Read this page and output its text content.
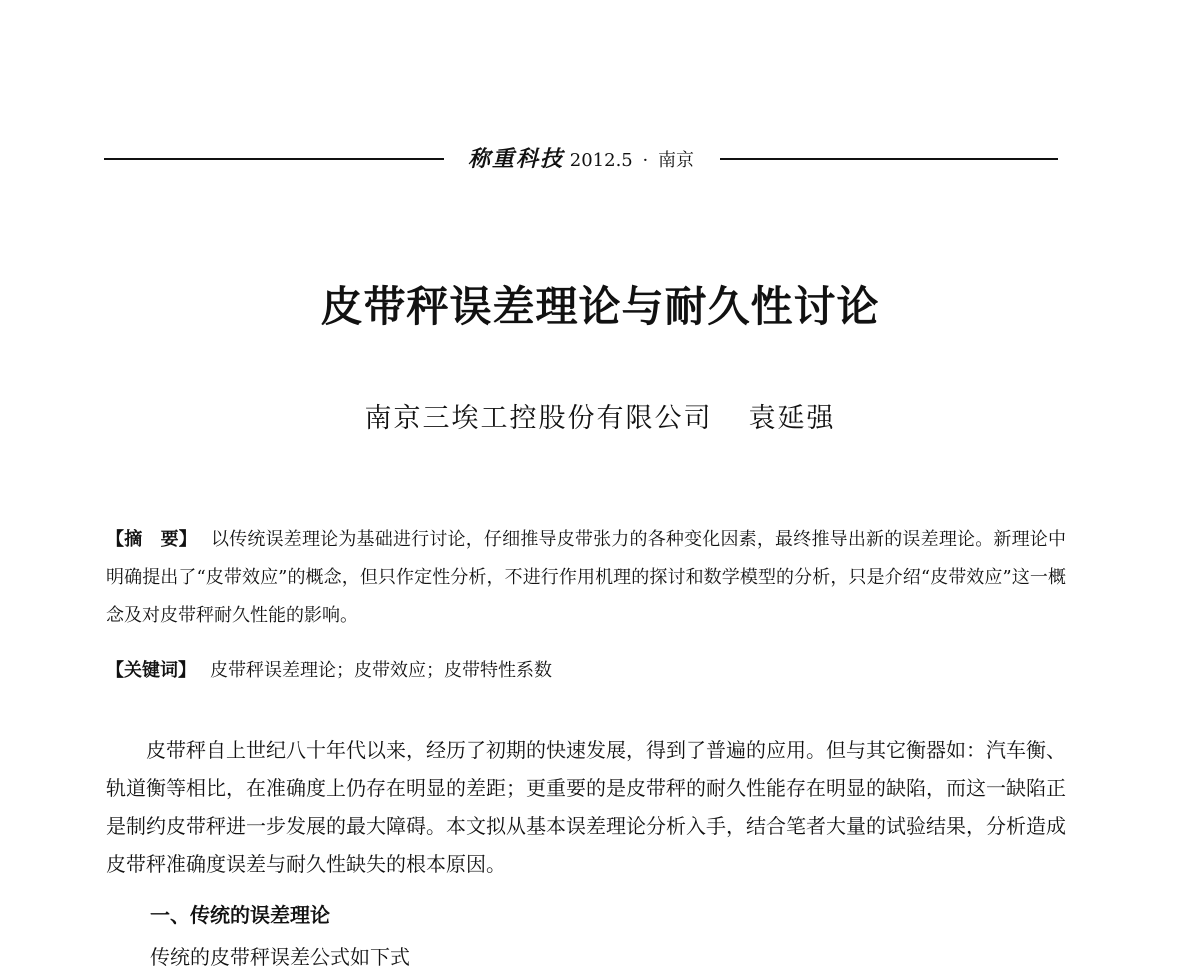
称重科技 2012.5 · 南京
皮带秤误差理论与耐久性讨论
南京三埃工控股份有限公司 袁延强
【摘　要】 以传统误差理论为基础进行讨论，仔细推导皮带张力的各种变化因素，最终推导出新的误差理论。新理论中明确提出了“皮带效应”的概念，但只作定性分析，不进行作用机理的探讨和数学模型的分析，只是介绍“皮带效应”这一概念及对皮带秤耐久性能的影响。
【关键词】 皮带秤误差理论；皮带效应；皮带特性系数
皮带秤自上世纪八十年代以来，经历了初期的快速发展，得到了普遍的应用。但与其它衡器如：汽车衡、轨道衡等相比，在准确度上仍存在明显的差距；更重要的是皮带秤的耐久性能存在明显的缺陷，而这一缺陷正是制约皮带秤进一步发展的最大障碍。本文拟从基本误差理论分析入手，结合笔者大量的试验结果，分析造成皮带秤准确度误差与耐久性缺失的根本原因。
一、传统的误差理论
传统的皮带秤误差公式如下式
